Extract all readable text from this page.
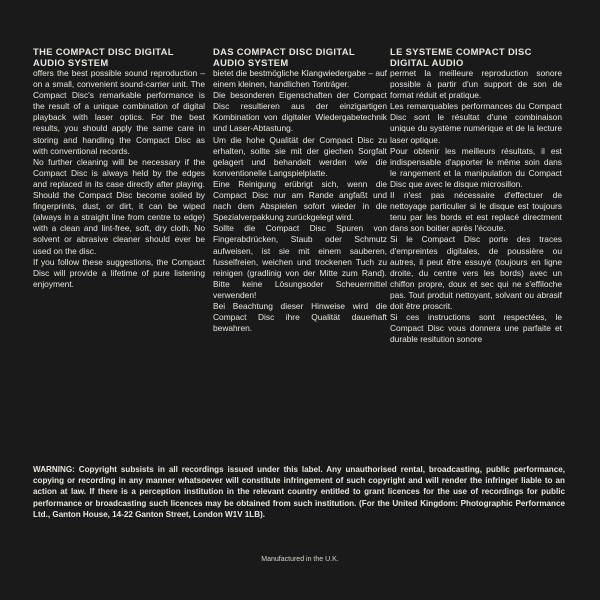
THE COMPACT DISC DIGITAL AUDIO SYSTEM

offers the best possible sound reproduction – on a small, convenient sound-carrier unit. The Compact Disc's remarkable performance is the result of a unique combination of digital playback with laser optics. For the best results, you should apply the same care in storing and handling the Compact Disc as with conventional records.

No further cleaning will be necessary if the Compact Disc is always held by the edges and replaced in its case directly after playing. Should the Compact Disc become soiled by fingerprints, dust, or dirt, it can be wiped (always in a straight line from centre to edge) with a clean and lint-free, soft, dry cloth. No solvent or abrasive cleaner should ever be used on the disc.

If you follow these suggestions, the Compact Disc will provide a lifetime of pure listening enjoyment.

DAS COMPACT DISC DIGITAL AUDIO SYSTEM

bietet die bestmögliche Klangwiedergabe – auf einem kleinen, handlichen Tonträger.

Die besonderen Eigenschaften der Compact Disc resultieren aus der einzigartigen Kombination von digitaler Wiedergabetechnik und Laser-Abtastung.

Um die hohe Qualität der Compact Disc zu erhalten, sollte sie mit der giechen Sorgfalt gelagert und behandelt werden wie die konventionelle Langspielplatte.

Eine Reinigung erübrigt sich, wenn die Compact Disc nur am Rande angfaßt und nach dem Abspielen sofort wieder in die Spezialverpakkung zurückgelegt wird.

Sollte die Compact Disc Spuren von Fingerabdrücken, Staub oder Schmutz aufweisen, ist sie mit einem sauberen, fusselfreien, weichen und trockenen Tuch zu reinigen (gradlinig von der Mitte zum Rand). Bitte keine Lösungsoder Scheuermittel verwenden!

Bei Beachtung dieser Hinweise wird die Compact Disc ihre Qualität dauerhaft bewahren.

LE SYSTEME COMPACT DISC DIGITAL AUDIO

permet la meilleure reproduction sonore possible à partir d'un support de son de format réduit et pratique.

Les remarquables performances du Compact Disc sont le résultat d'une combinaison unique du système numérique et de la lecture laser optique.

Pour obtenir les meilleurs résultats, il est indispensable d'apporter le même soin dans le rangement et la manipulation du Compact Disc que avec le disque microsillon.

Il n'est pas nécessaire d'effectuer de nettoyage particulier si le disque est toujours tenu par les bords et est replacé directment dans son boitier après l'écoute.

Si le Compact Disc porte des traces d'empreintes digitales, de poussière ou autres, il peut être essuyé (toujours en ligne droite, du centre vers les bords) avec un chiffon propre, doux et sec qui ne s'effiloche pas. Tout produit nettoyant, solvant ou abrasif doit être proscrit.

Si ces instructions sont respectées, le Compact Disc vous donnera une parfaite et durable resitution sonore

WARNING: Copyright subsists in all recordings issued under this label. Any unauthorised rental, broadcasting, public performance, copying or recording in any manner whatsoever will constitute infringement of such copyright and will render the infringer liable to an action at law. If there is a perception institution in the relevant country entitled to grant licences for the use of recordings for public performance or broadcasting such licences may be obtained from such institution. (For the United Kingdom: Photographic Performance Ltd., Ganton House, 14-22 Ganton Street, London W1V 1LB).
Manufactured in the U.K.
